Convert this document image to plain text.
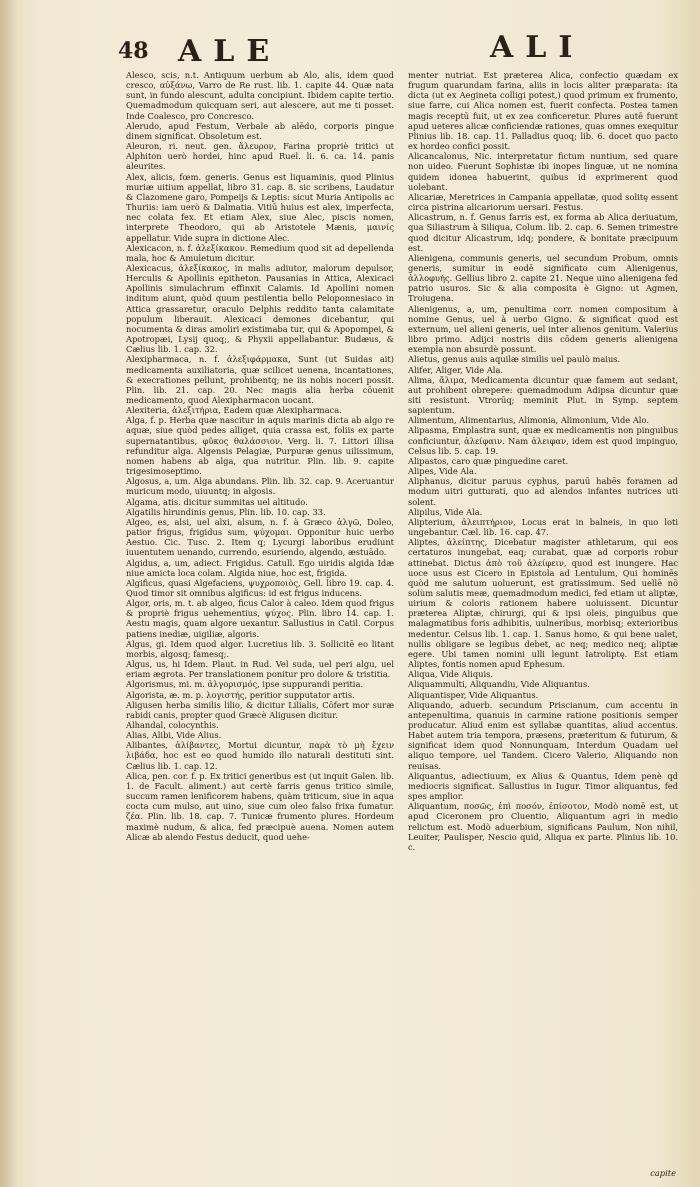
48 ALE	ALI

Alesco, scis, n.t. Antiquum uerbum ab Alo, alis, idem quod cresco, αὐξάνω, Varro de Re rust. lib. 1. capite 44. Quæ nata sunt, in fundo alescunt, adulta concipiunt. Ibidem capite tertio. Quemadmodum quicquam seri, aut alescere, aut me ti posset. Inde Coalesco, pro Concresco.

Alerudo, apud Festum, Verbale ab alēdo, corporis pingue dinem significat. Obsoletum est.

Aleuron, ri. neut. gen. ἄλευρον, Farina propriè tritici ut Alphiton uerò hordei, hinc apud Ruel. li. 6. ca. 14. panis aleurites.

Alex, alicis, fœm. generis. Genus est liquaminis, quod Plinius muriæ uitium appellat, libro 31. cap. 8. sic scribens, Laudatur & Clazomene garo, Pompeijs & Leptis: sicut Muria Antipolis ac Thuriis: iam uerò & Dalmatia. Vitiū huius est alex, imperfecta, nec colata fex. Et etiam Alex, siue Alec, piscis nomen, interprete Theodoro, qui ab Aristotele Mænis, μαινίς appellatur. Vide supra in dictione Alec.

Alexicacon, n. f. ἀλεξίκακον. Remedium quod sit ad depellenda mala, hoc & Amuletum dicitur.

Alexicacus, ἀλεξίκακος, in malis adiutor, malorum depulsor, Herculis & Apollinis epitheton. Pausanias in Attica, Alexicaci Apollinis simulachrum effinxit Calamis. Id Apollini nomen inditum aiunt, quòd quum pestilentia bello Peloponnesiaco in Attica grassaretur, oraculo Delphis reddito tanta calamitate populum liberauit. Alexicaci demones dicebantur, qui nocumenta & diras amoliri existimaba tur, qui & Apopompei, & Apotropæi, Lysij quoq;, & Phyxii appellabantur. Budæus, & Cælius lib. 1. cap. 32.

Alexipharmaca, n. f. ἀλεξιφάρμακα, Sunt (ut Suidas ait) medicamenta auxiliatoria, quæ scilicet uenena, incantationes, & execrationes pellunt, prohibentq; ne iis nobis noceri possit. Plin. lib. 21. cap. 20. Nec magis alia herba cōuenit medicamento, quod Alexipharmacon uocant.

Alexiteria, ἀλεξιτήρια, Eadem quæ Alexipharmaca.

Alga, f. p. Herba quæ nascitur in aquis marinis dicta ab algo re aquæ, siue quòd pedes alliget, quia crassa est, foliis ex parte supernatantibus, φῦκος θαλάσσιον. Verg. li. 7. Littori illisa refunditur alga. Algensis Pelagiæ, Purpuræ genus uilissimum, nomen habens ab alga, qua nutritur. Plin. lib. 9. capite trigesimoseptimo.

Algosus, a, um. Alga abundans. Plin. lib. 32. cap. 9. Aceruantur muricum modo, uiuuntq; in algosis.

Algama, atis. dicitur summitas uel altitudo.

Algatilis hirundinis genus, Plin. lib. 10. cap. 33.

Algeo, es, alsi, uel alxi, alsum, n. f. à Græco ἀλγῶ, Doleo, patior frigus, frigidus sum, ψύχομαι. Opponitur huic uerbo Aestuo. Cic. Tusc. 2. Item q; Lycurgi laboribus erudiunt iuuentutem uenando, currendo, esuriendo, algendo, æstuādo.

Algidus, a, um, adiect. Frigidus. Catull. Ego uiridis algida Idæ niue amicta loca colam. Algida niue, hoc est, frigida.

Algificus, quasi Algefaciens, ψυχροποιὸς, Gell. libro 19. cap. 4. Quod timor sit omnibus algificus: id est frigus inducens.

Algor, oris, m. t. ab algeo, ficus Calor à caleo. Idem quod frigus & propriè frigus uehementius, ψύχος. Plin. libro 14. cap. 1. Aestu magis, quam algore uexantur. Sallustius in Catil. Corpus patiens inediæ, uigiliæ, algoris.

Algus, gi. Idem quod algor. Lucretius lib. 3. Sollicitē eo litant morbis, algosq; famesq;.

Algus, us, hi Idem. Plaut. in Rud. Vel suda, uel peri algu, uel eriam ægrota. Per translationem ponitur pro dolore & tristitia.

Algorismus, mi. m. ἀλγορισμός, ipse suppurandi peritia.

Algorista, æ. m. p. λογιστής, peritior supputator artis.

Aligusen herba similis lilio, & dicitur Lilialis, Cōfert mor suræ rabidi canis, propter quod Græcè Aligusen dicitur.

Alhandal, colocynthis.

Alias, Alibi, Vide Alius.

Alibantes, ἀλίβαντες, Mortui dicuntur, παρὰ τὸ μὴ ἔχειν λιβάδα, hoc est eo quod humido illo naturali destituti sint. Cælius lib. 1. cap. 12.

Alica, pen. cor. f. p. Ex tritici generibus est (ut inquit Galen. lib. 1. de Facult. aliment.) aut certè farris genus tritico simile, succum ramen lenificorem habens, quàm triticum, siue in aqua cocta cum mulso, aut uino, siue cum oleo falso frixa fumatur. ζέα. Plin. lib. 18. cap. 7. Tunicæ frumento plures. Hordeum maximè nudum, & alica, fed præcipuè auena. Nomen autem Alicæ ab alendo Festus deducit, quod uehe-

menter nutriat. Est præterea Alica, confectio quædam ex frugum quarundam farina, aliis in locis aliter præparata: ita dicta (ut ex Aegineta colligi potest,) quod primum ex frumento, siue farre, cui Alica nomen est, fuerit confecta. Postea tamen magis receptū fuit, ut ex zea conficeretur. Plures autē fuerunt apud ueteres alicæ conficiendæ rationes, quas omnes exequitur Plinius lib. 18. cap. 11. Palladius quoq; lib. 6. docet quo pacto ex hordeo confici possit.

Alicancalonus, Nic. interpretatur fictum nuntium, sed quare non uideo. Fuerunt Sophistæ ibi inopes linguæ, ut ne nomina quidem idonea habuerint, quibus id exprimerent quod uolebant.

Alicariæ, Meretrices in Campania appellatæ, quod solitę essent circa pistrina alicariorum uersari. Festus.

Alicastrum, n. f. Genus farris est, ex forma ab Alica deriuatum, qua Siliastrum à Siliqua, Colum. lib. 2. cap. 6. Semen trimestre quod dicitur Alicastrum, idq; pondere, & bonitate præcipuum est.

Alienigena, communis generis, uel secundum Probum, omnis generis, sumitur in eodē significato cum Alienigenus, ἀλλοφυής. Gellius libro 2. capite 21. Neque uino alienigena fed patrio usuros. Sic & alia composita è Gigno: ut Agmen, Troiugena.

Alienigenus, a, um, penultima corr. nomen compositum à nomine Genus, uel à uerbo Gigno. & significat quod est externum, uel alieni generis, uel inter alienos genitum. Valerius libro primo. Adijci nostris diis cōdem generis alienigena exempla non absurdè possunt.

Alietus, genus auis aquilæ similis uel paulò maius.

Alifer, Aliger, Vide Ala.

Alima, ἄλιμα, Medicamenta dicuntur quæ famem aut sedant, aut prohibent obrepere: quemadmodum Adipsa dicuntur quæ siti resistunt. Vtrorūq; meminit Plut. in Symp. septem sapientum.

Alimentum, Alimentarius, Alimonia, Alimonium, Vide Alo.

Alipasma, Emplastra sunt, quæ ex medicamentis non pinguibus conficiuntur, ἀλείφαιν. Nam ἀλειφαν, idem est quod impinguo, Celsus lib. 5. cap. 19.

Alipastos, caro quæ pinguedine caret.

Alipes, Vide Ala.

Aliphanus, dicitur paruus cyphus, paruū habēs foramen ad modum uitri gutturati, quo ad alendos infantes nutrices uti solent.

Alipilus, Vide Ala.

Alipterium, ἀλειπτήριον, Locus erat in balneis, in quo loti ungebantur. Cæl. lib. 16. cap. 47.

Aliptes, ἀλείπτης, Dicebatur magister athletarum, qui eos certaturos inungebat, eaq; curabat, quæ ad corporis robur attinebat. Dictus ἀπὸ τοῦ ἀλείφειν, quod est inungere. Hac uoce usus est Cicero in Epistola ad Lentulum, Qui hominēs quòd me salutum uoluerunt, est gratissimum. Sed uellē nō solùm salutis meæ, quemadmodum medici, fed etiam ut aliptæ, uirium & coloris rationem habere uoluissent. Dicuntur præterea Aliptæ, chirurgi, qui & ipsi oleis, pinguibus que malagmatibus foris adhibitis, uulneribus, morbisq; exterioribus medentur. Celsus lib. 1. cap. 1. Sanus homo, & qui bene ualet, nullis obligare se legibus debet, ac neq; medico neq; aliptæ egere. Ubi tamen nomini ulli legunt Iatroliptę. Est etiam Aliptes, fontis nomen apud Ephesum.

Aliqua, Vide Aliquis.

Aliquammulti, Aliquandiu, Vide Aliquantus.

Aliquantisper, Vide Aliquantus.

Aliquando, aduerb. secundum Priscianum, cum accentu in antepenultima, quanuis in carmine ratione positionis semper producatur. Aliud enim est syllabæ quantitas, aliud accentus. Habet autem tria tempora, præsens, præteritum & futurum, & significat idem quod Nonnunquam, Interdum Quadam uel aliquo tempore, uel Tandem. Cicero Valerio, Aliquando non reuisas.

Aliquantus, adiectiuum, ex Alius & Quantus, Idem penè qd mediocris significat. Sallustius in Iugur. Timor aliquantus, fed spes amplior.

Aliquantum, ποσῶς, ἐπὶ ποσόν, ἐπίσοτον, Modò nomē est, ut apud Ciceronem pro Cluentio, Aliquantum agri in medio relictum est. Modò aduerbium, significans Paulum, Non nihil, Leuiter, Paulisper, Nescio quid, Aliqua ex parte. Plinius lib. 10. c.

capite
